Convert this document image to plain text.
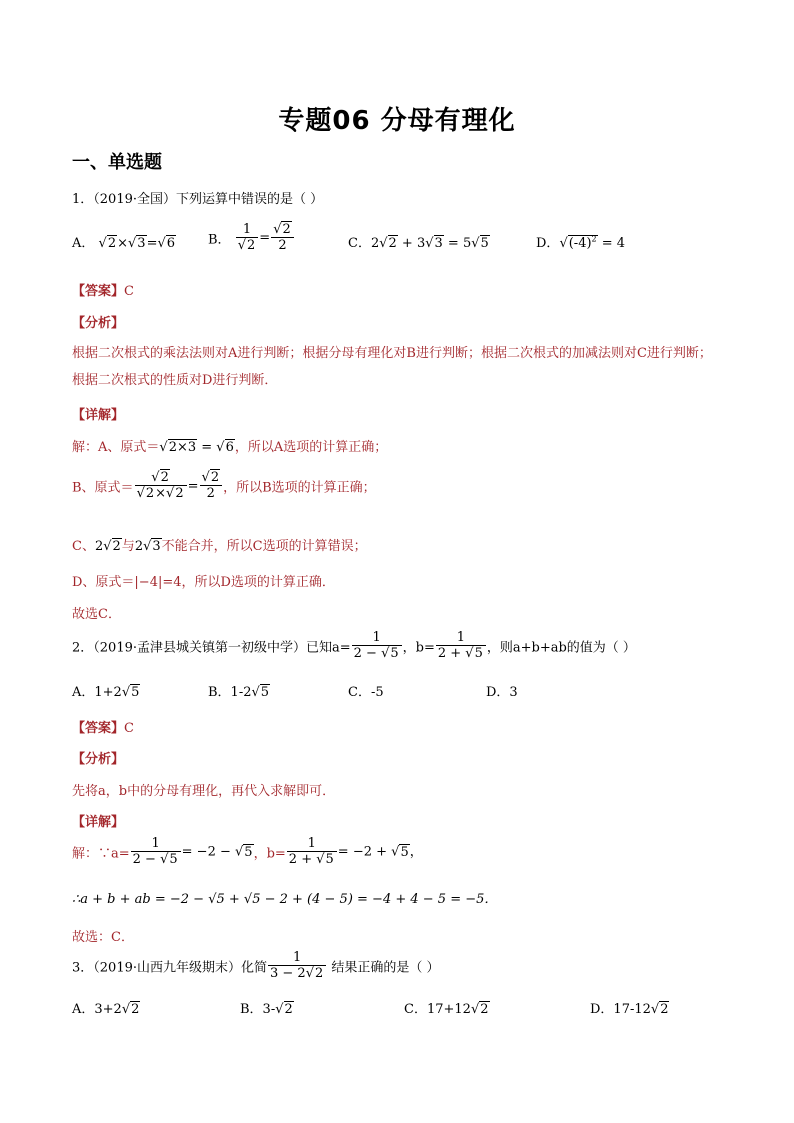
专题06 分母有理化
一、单选题
1．（2019·全国）下列运算中错误的是（ ）
A． √2×√3=√6	B． $\frac{1}{√2} = \frac{√2}{2}$	C．2√2 + 3√3 = 5√5	D．$√(-4)^2 = 4$
【答案】C
【分析】
根据二次根式的乘法法则对A进行判断；根据分母有理化对B进行判断；根据二次根式的加减法则对C进行判断；根据二次根式的性质对D进行判断．
【详解】
解：A、原式＝√2×3 = √6，所以A选项的计算正确；
B、原式＝ $\frac{√2}{√2\times√2} = \frac{√2}{2}$ ，所以B选项的计算正确；
C、2√2与2√3不能合并，所以C选项的计算错误；
D、原式＝|−4|=4，所以D选项的计算正确．
故选C．
2．（2019·孟津县城关镇第一初级中学）已知$a= \frac{1}{2 - √5}$ ，$b= \frac{1}{2 + √5}$ ，则a+b+ab的值为（ ）
A．1+2√5	B．1-2√5	C．-5	D．3
【答案】C
【分析】
先将a，b中的分母有理化，再代入求解即可．
【详解】
解：∵a= $\frac{1}{2 - √5} = -2 - √5$，$b= \frac{1}{2 + √5} = -2 + √5$，
∴a + b + ab = −2 − √5 + √5 − 2 + (4 − 5) = −4 + 4 − 5 = −5．
故选：C．
3．（2019·山西九年级期末）化简 $\frac{1}{3 - 2√2}$ 结果正确的是（ ）
A．3+2√2	B．3-√2	C．17+12√2	D．17-12√2
